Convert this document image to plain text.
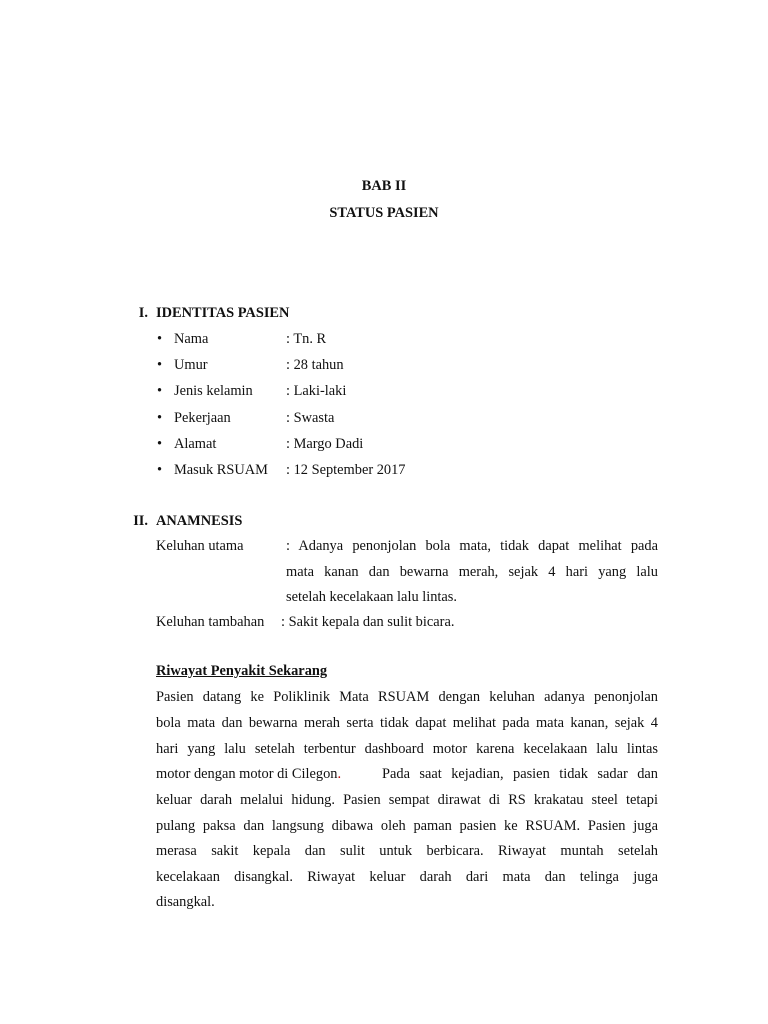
BAB II
STATUS PASIEN
I. IDENTITAS PASIEN
• Nama	: Tn. R
• Umur	: 28 tahun
• Jenis kelamin : Laki-laki
• Pekerjaan	: Swasta
• Alamat	: Margo Dadi
• Masuk RSUAM : 12 September 2017
II. ANAMNESIS
Keluhan utama	: Adanya penonjolan bola mata, tidak dapat melihat pada
mata kanan dan bewarna merah, sejak 4 hari yang lalu
setelah kecelakaan lalu lintas.
Keluhan tambahan : Sakit kepala dan sulit bicara.
Riwayat Penyakit Sekarang
Pasien datang ke Poliklinik Mata RSUAM dengan keluhan adanya penonjolan
bola mata dan bewarna merah serta tidak dapat melihat pada mata kanan, sejak 4
hari yang lalu setelah terbentur dashboard motor karena kecelakaan lalu lintas
motor dengan motor di Cilegon.	Pada saat kejadian, pasien tidak sadar dan
keluar darah melalui hidung. Pasien sempat dirawat di RS krakatau steel tetapi
pulang paksa dan langsung dibawa oleh paman pasien ke RSUAM. Pasien juga
merasa sakit kepala dan sulit untuk berbicara. Riwayat muntah setelah
kecelakaan disangkal. Riwayat keluar darah dari mata dan telinga juga
disangkal.
